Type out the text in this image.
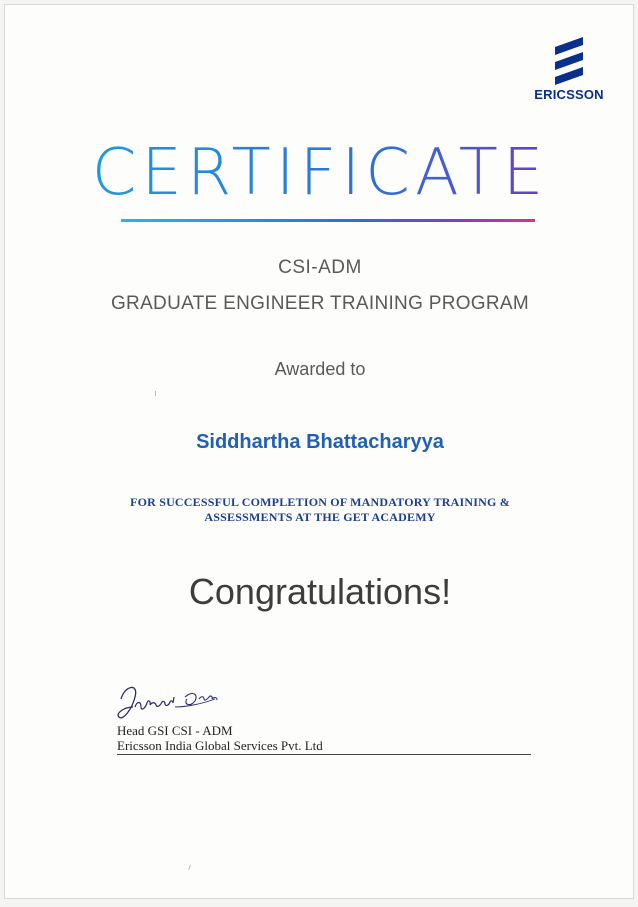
ERICSSON
CERTIFICATE
CSI-ADM
GRADUATE ENGINEER TRAINING PROGRAM
Awarded to
Siddhartha Bhattacharyya
FOR SUCCESSFUL COMPLETION OF MANDATORY TRAINING & ASSESSMENTS AT THE GET ACADEMY
Congratulations!
Head GSI CSI - ADM
Ericsson India Global Services Pvt. Ltd
